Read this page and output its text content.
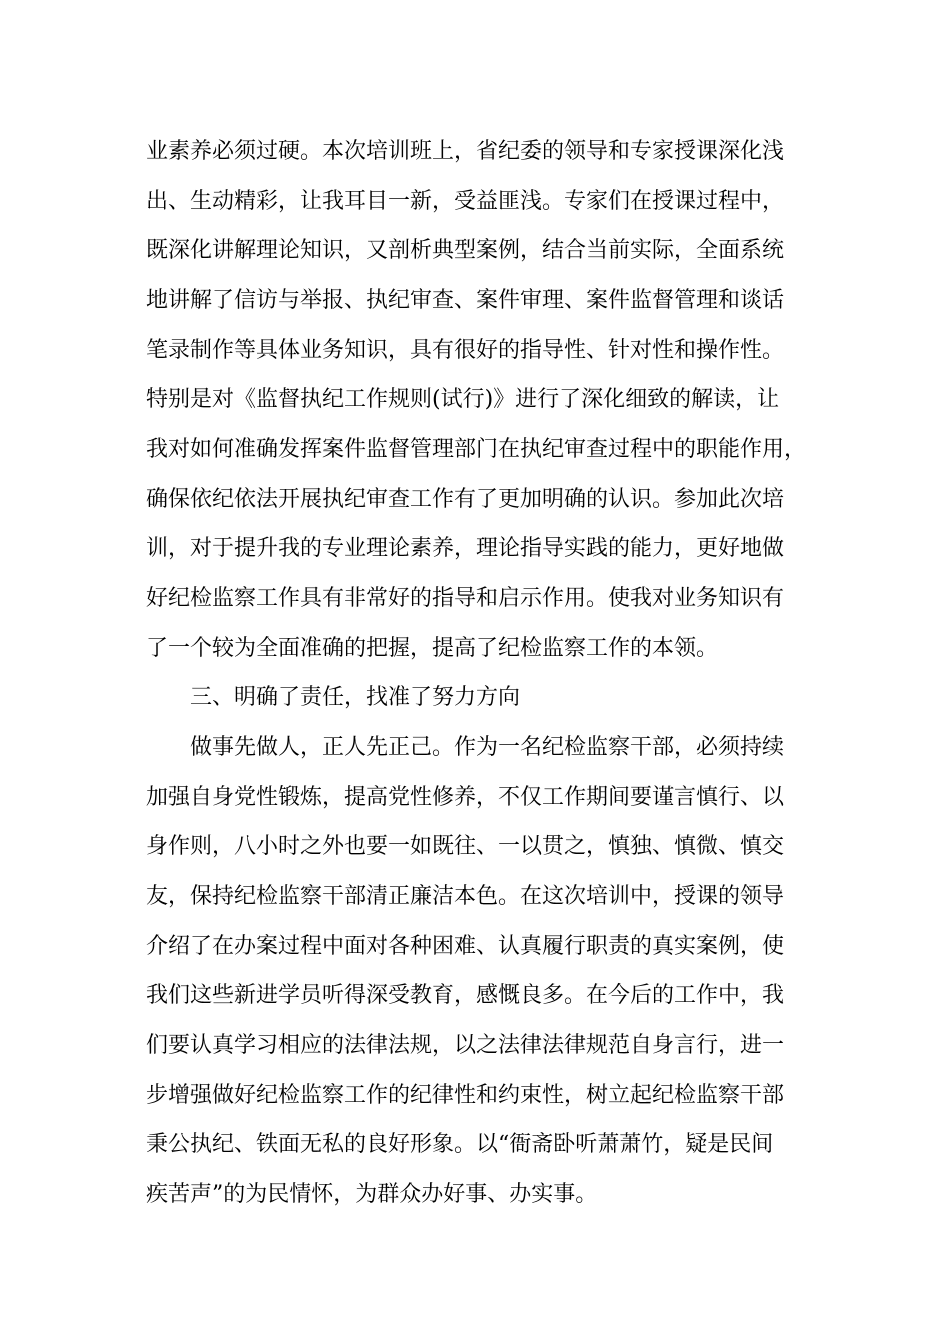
业素养必须过硬。本次培训班上，省纪委的领导和专家授课深化浅
出、生动精彩，让我耳目一新，受益匪浅。专家们在授课过程中，
既深化讲解理论知识，又剖析典型案例，结合当前实际，全面系统
地讲解了信访与举报、执纪审查、案件审理、案件监督管理和谈话
笔录制作等具体业务知识，具有很好的指导性、针对性和操作性。
特别是对《监督执纪工作规则(试行)》进行了深化细致的解读，让
我对如何准确发挥案件监督管理部门在执纪审查过程中的职能作用，
确保依纪依法开展执纪审查工作有了更加明确的认识。参加此次培
训，对于提升我的专业理论素养，理论指导实践的能力，更好地做
好纪检监察工作具有非常好的指导和启示作用。使我对业务知识有
了一个较为全面准确的把握，提高了纪检监察工作的本领。
三、明确了责任，找准了努力方向
做事先做人，正人先正己。作为一名纪检监察干部，必须持续
加强自身党性锻炼，提高党性修养，不仅工作期间要谨言慎行、以
身作则，八小时之外也要一如既往、一以贯之，慎独、慎微、慎交
友，保持纪检监察干部清正廉洁本色。在这次培训中，授课的领导
介绍了在办案过程中面对各种困难、认真履行职责的真实案例，使
我们这些新进学员听得深受教育，感慨良多。在今后的工作中，我
们要认真学习相应的法律法规，以之法律法律规范自身言行，进一
步增强做好纪检监察工作的纪律性和约束性，树立起纪检监察干部
秉公执纪、铁面无私的良好形象。以“衙斋卧听萧萧竹，疑是民间
疾苦声”的为民情怀，为群众办好事、办实事。
